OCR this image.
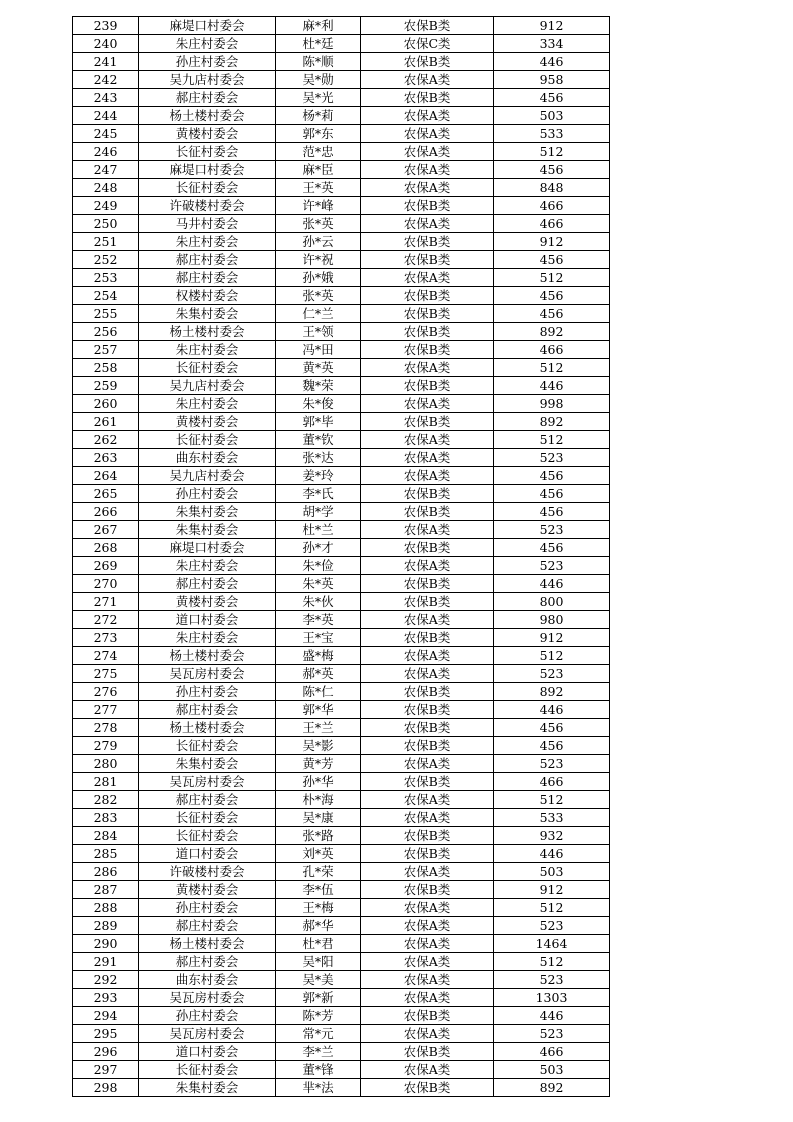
239	麻堤口村委会	麻*利	农保B类	912
240	朱庄村委会	杜*廷	农保C类	334
241	孙庄村委会	陈*顺	农保B类	446
242	吴九店村委会	吴*勋	农保A类	958
243	郝庄村委会	吴*光	农保B类	456
244	杨土楼村委会	杨*莉	农保A类	503
245	黄楼村委会	郭*东	农保A类	533
246	长征村委会	范*忠	农保A类	512
247	麻堤口村委会	麻*臣	农保A类	456
248	长征村委会	王*英	农保A类	848
249	许破楼村委会	许*峰	农保B类	466
250	马井村委会	张*英	农保A类	466
251	朱庄村委会	孙*云	农保B类	912
252	郝庄村委会	许*祝	农保B类	456
253	郝庄村委会	孙*娥	农保A类	512
254	权楼村委会	张*英	农保B类	456
255	朱集村委会	仁*兰	农保B类	456
256	杨土楼村委会	王*领	农保B类	892
257	朱庄村委会	冯*田	农保B类	466
258	长征村委会	黄*英	农保A类	512
259	吴九店村委会	魏*荣	农保B类	446
260	朱庄村委会	朱*俊	农保A类	998
261	黄楼村委会	郭*毕	农保B类	892
262	长征村委会	董*钦	农保A类	512
263	曲东村委会	张*达	农保A类	523
264	吴九店村委会	姜*玲	农保A类	456
265	孙庄村委会	李*氏	农保B类	456
266	朱集村委会	胡*学	农保B类	456
267	朱集村委会	杜*兰	农保A类	523
268	麻堤口村委会	孙*才	农保B类	456
269	朱庄村委会	朱*俭	农保A类	523
270	郝庄村委会	朱*英	农保B类	446
271	黄楼村委会	朱*伙	农保B类	800
272	道口村委会	李*英	农保A类	980
273	朱庄村委会	王*宝	农保B类	912
274	杨土楼村委会	盛*梅	农保A类	512
275	吴瓦房村委会	郝*英	农保A类	523
276	孙庄村委会	陈*仁	农保B类	892
277	郝庄村委会	郭*华	农保B类	446
278	杨土楼村委会	王*兰	农保B类	456
279	长征村委会	吴*影	农保B类	456
280	朱集村委会	黄*芳	农保A类	523
281	吴瓦房村委会	孙*华	农保B类	466
282	郝庄村委会	朴*海	农保A类	512
283	长征村委会	吴*康	农保A类	533
284	长征村委会	张*路	农保B类	932
285	道口村委会	刘*英	农保B类	446
286	许破楼村委会	孔*荣	农保A类	503
287	黄楼村委会	李*伍	农保B类	912
288	孙庄村委会	王*梅	农保A类	512
289	郝庄村委会	郝*华	农保A类	523
290	杨土楼村委会	杜*君	农保A类	1464
291	郝庄村委会	吴*阳	农保A类	512
292	曲东村委会	吴*美	农保A类	523
293	吴瓦房村委会	郭*新	农保A类	1303
294	孙庄村委会	陈*芳	农保B类	446
295	吴瓦房村委会	常*元	农保A类	523
296	道口村委会	李*兰	农保B类	466
297	长征村委会	董*锋	农保A类	503
298	朱集村委会	芈*法	农保B类	892
